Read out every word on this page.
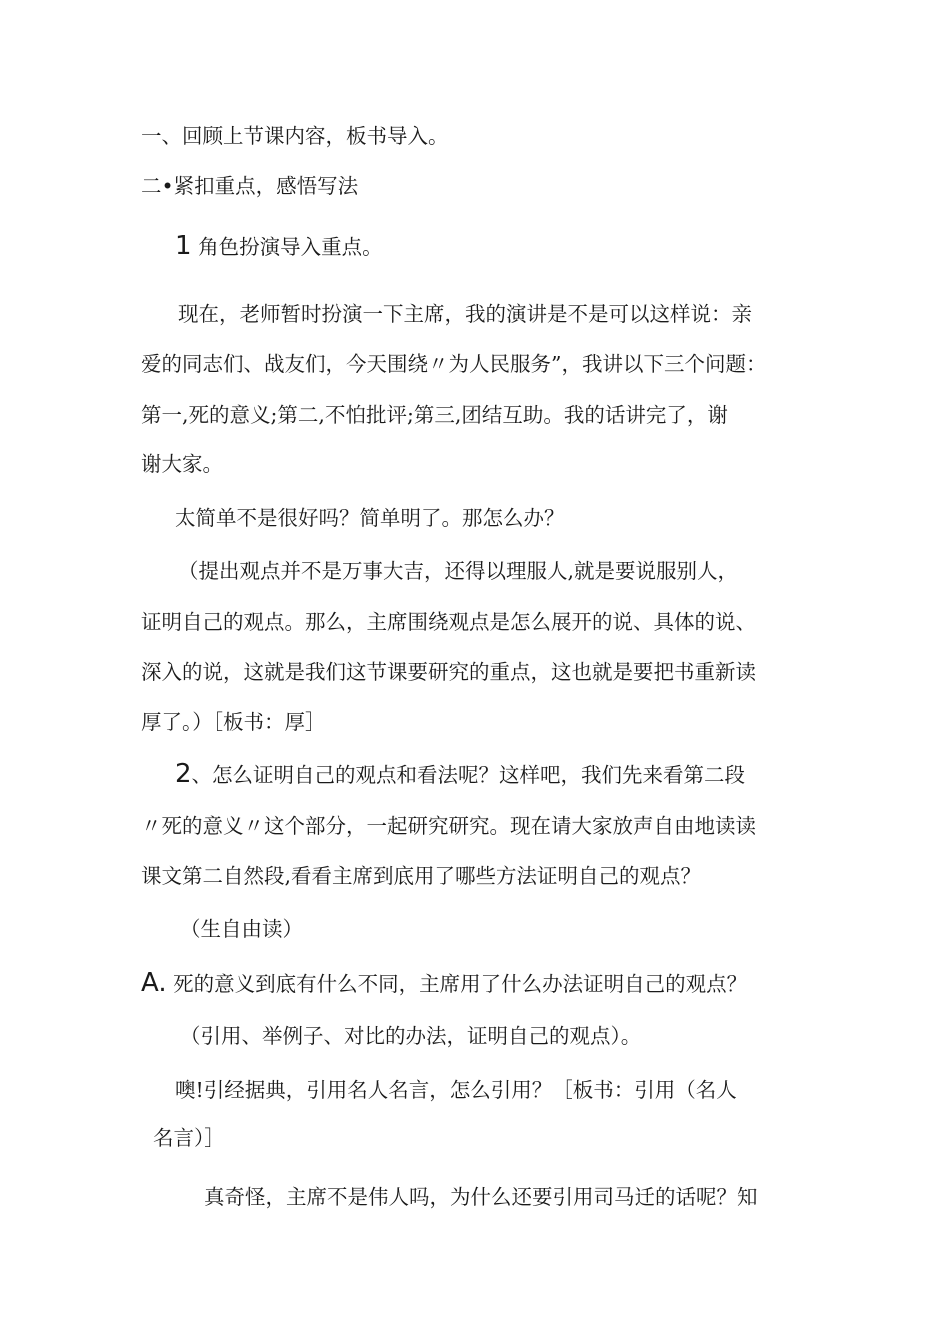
一、回顾上节课内容，板书导入。
二•紧扣重点，感悟写法
1 角色扮演导入重点。
现在，老师暂时扮演一下主席，我的演讲是不是可以这样说：亲
爱的同志们、战友们，今天围绕〃为人民服务”，我讲以下三个问题：
第一,死的意义;第二,不怕批评;第三,团结互助。我的话讲完了，谢
谢大家。
太简单不是很好吗？简单明了。那怎么办？
（提出观点并不是万事大吉，还得以理服人,就是要说服别人，
证明自己的观点。那么，主席围绕观点是怎么展开的说、具体的说、
深入的说，这就是我们这节课要研究的重点，这也就是要把书重新读
厚了。）［板书：厚］
2、怎么证明自己的观点和看法呢？这样吧，我们先来看第二段
〃死的意义〃这个部分，一起研究研究。现在请大家放声自由地读读
课文第二自然段,看看主席到底用了哪些方法证明自己的观点？
（生自由读）
A. 死的意义到底有什么不同，主席用了什么办法证明自己的观点？
（引用、举例子、对比的办法，证明自己的观点）。
噢!引经据典，引用名人名言，怎么引用？［板书：引用（名人
名言）］
真奇怪，主席不是伟人吗，为什么还要引用司马迁的话呢？知
